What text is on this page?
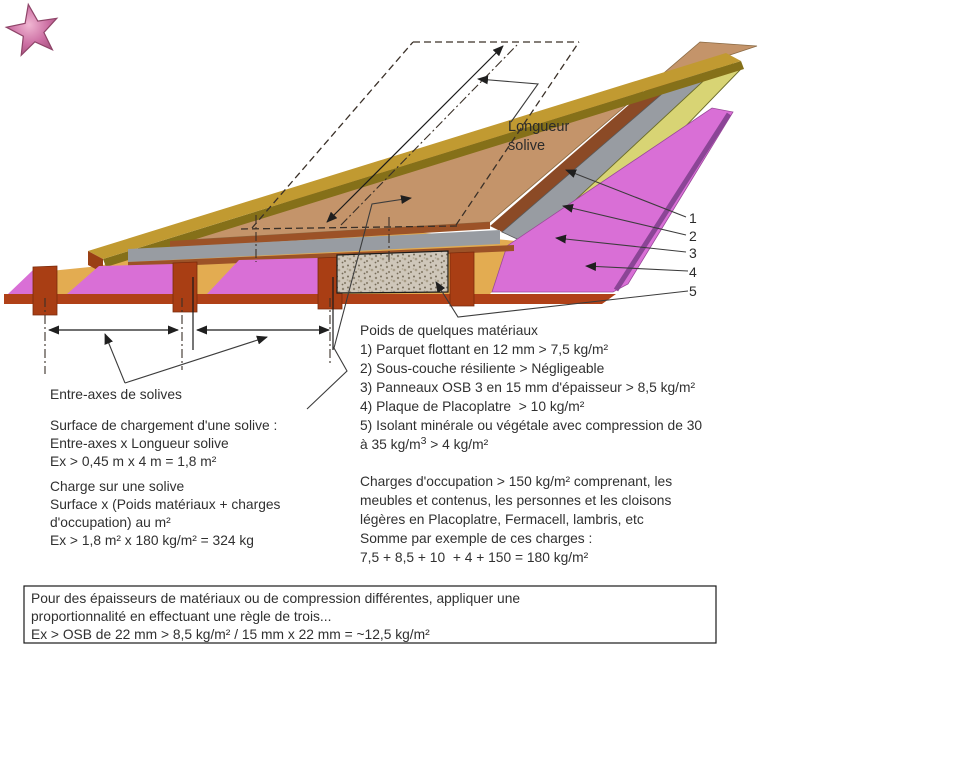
Longueur
solive
1
2
3
4
5
Entre-axes de solives
Surface de chargement d'une solive :
Entre-axes x Longueur solive
Ex > 0,45 m x 4 m = 1,8 m²
Charge sur une solive
Surface x (Poids matériaux + charges
d'occupation) au m²
Ex > 1,8 m² x 180 kg/m² = 324 kg
Poids de quelques matériaux
1) Parquet flottant en 12 mm > 7,5 kg/m²
2) Sous-couche résiliente > Négligeable
3) Panneaux OSB 3 en 15 mm d'épaisseur > 8,5 kg/m²
4) Plaque de Placoplatre  > 10 kg/m²
5) Isolant minérale ou végétale avec compression de 30
à 35 $kg/m^3 > 4$ kg/m²
Charges d'occupation > 150 kg/m² comprenant, les
meubles et contenus, les personnes et les cloisons
légères en Placoplatre, Fermacell, lambris, etc
Somme par exemple de ces charges :
7,5 + 8,5 + 10  + 4 + 150 = 180 kg/m²
Pour des épaisseurs de matériaux ou de compression différentes, appliquer une
proportionnalité en effectuant une règle de trois...
Ex > OSB de 22 mm > 8,5 kg/m² / 15 mm x 22 mm = ~12,5 kg/m²
